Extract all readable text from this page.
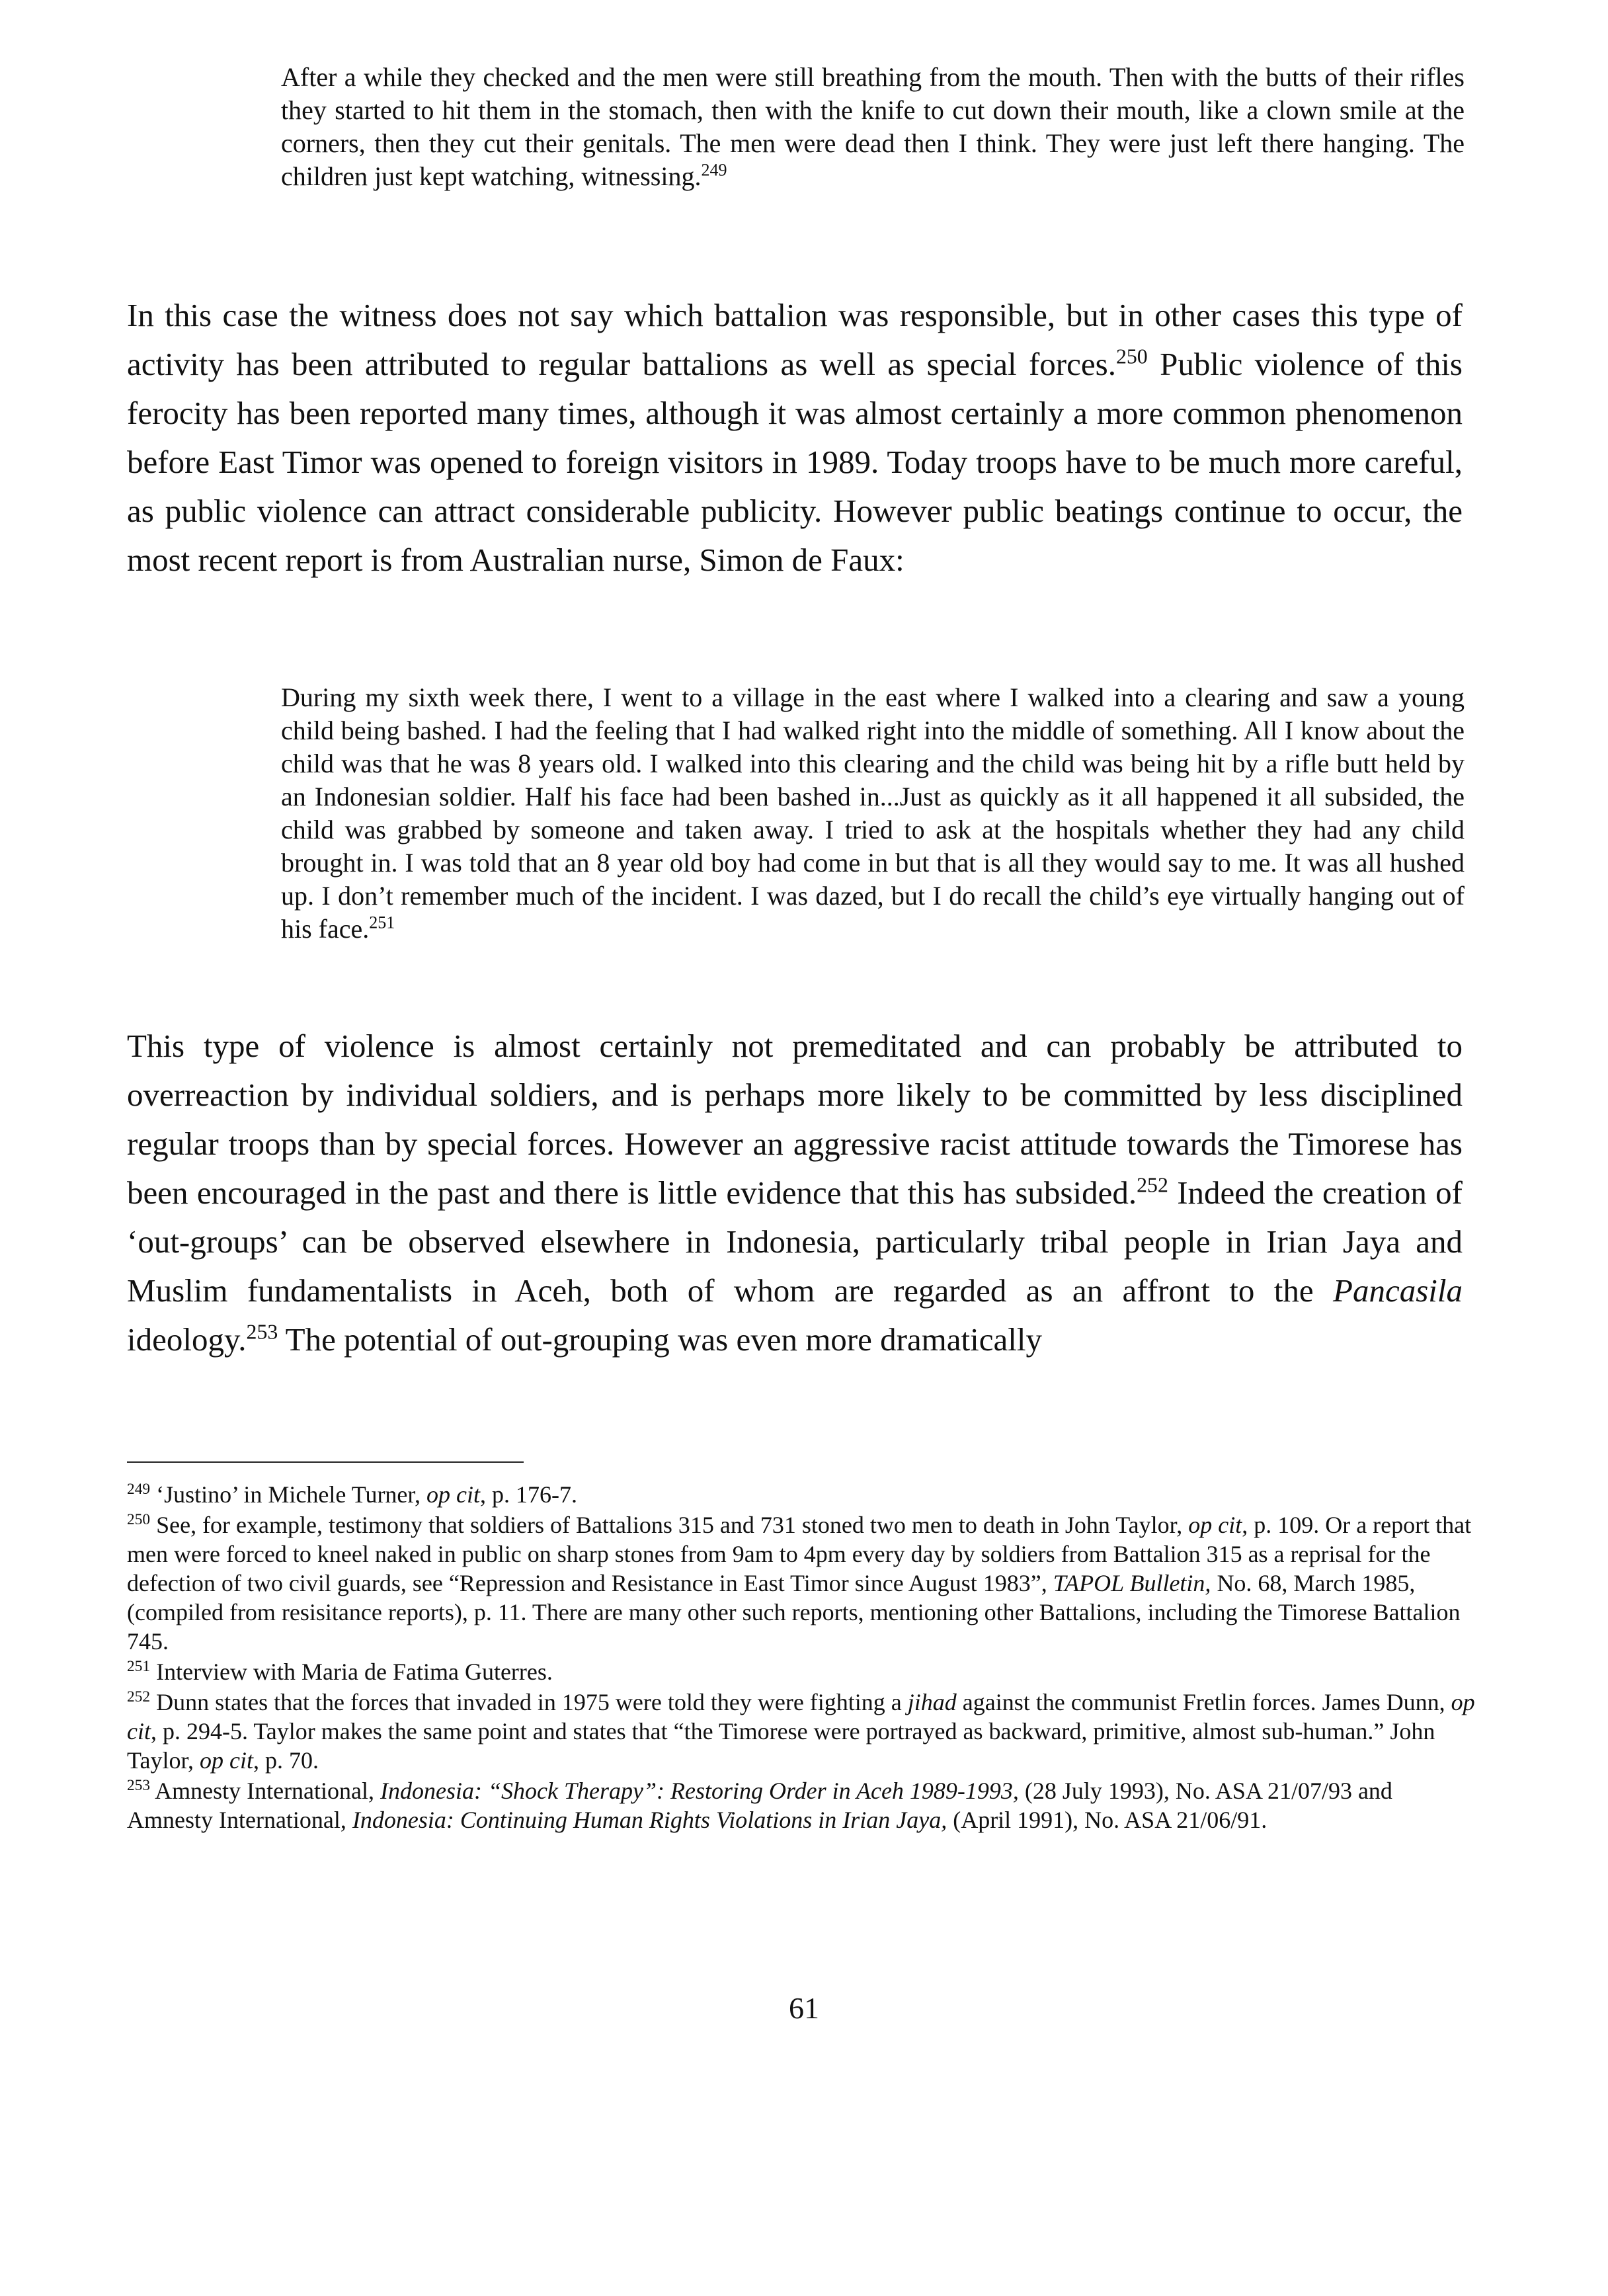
After a while they checked and the men were still breathing from the mouth. Then with the butts of their rifles they started to hit them in the stomach, then with the knife to cut down their mouth, like a clown smile at the corners, then they cut their genitals. The men were dead then I think. They were just left there hanging. The children just kept watching, witnessing.$^{249}$
In this case the witness does not say which battalion was responsible, but in other cases this type of activity has been attributed to regular battalions as well as special forces.$^{250}$ Public violence of this ferocity has been reported many times, although it was almost certainly a more common phenomenon before East Timor was opened to foreign visitors in 1989. Today troops have to be much more careful, as public violence can attract considerable publicity. However public beatings continue to occur, the most recent report is from Australian nurse, Simon de Faux:
During my sixth week there, I went to a village in the east where I walked into a clearing and saw a young child being bashed. I had the feeling that I had walked right into the middle of something. All I know about the child was that he was 8 years old. I walked into this clearing and the child was being hit by a rifle butt held by an Indonesian soldier. Half his face had been bashed in...Just as quickly as it all happened it all subsided, the child was grabbed by someone and taken away. I tried to ask at the hospitals whether they had any child brought in. I was told that an 8 year old boy had come in but that is all they would say to me. It was all hushed up. I don’t remember much of the incident. I was dazed, but I do recall the child’s eye virtually hanging out of his face.$^{251}$
This type of violence is almost certainly not premeditated and can probably be attributed to overreaction by individual soldiers, and is perhaps more likely to be committed by less disciplined regular troops than by special forces. However an aggressive racist attitude towards the Timorese has been encouraged in the past and there is little evidence that this has subsided.$^{252}$ Indeed the creation of ‘out-groups’ can be observed elsewhere in Indonesia, particularly tribal people in Irian Jaya and Muslim fundamentalists in Aceh, both of whom are regarded as an affront to the Pancasila ideology.$^{253}$ The potential of out-grouping was even more dramatically
$^{249}$ ‘Justino’ in Michele Turner, op cit, p. 176-7.
$^{250}$ See, for example, testimony that soldiers of Battalions 315 and 731 stoned two men to death in John Taylor, op cit, p. 109. Or a report that men were forced to kneel naked in public on sharp stones from 9am to 4pm every day by soldiers from Battalion 315 as a reprisal for the defection of two civil guards, see “Repression and Resistance in East Timor since August 1983”, TAPOL Bulletin, No. 68, March 1985, (compiled from resisitance reports), p. 11. There are many other such reports, mentioning other Battalions, including the Timorese Battalion 745.
$^{251}$ Interview with Maria de Fatima Guterres.
$^{252}$ Dunn states that the forces that invaded in 1975 were told they were fighting a jihad against the communist Fretlin forces. James Dunn, op cit, p. 294-5. Taylor makes the same point and states that “the Timorese were portrayed as backward, primitive, almost sub-human.” John Taylor, op cit, p. 70.
$^{253}$ Amnesty International, Indonesia: “Shock Therapy”: Restoring Order in Aceh 1989-1993, (28 July 1993), No. ASA 21/07/93 and Amnesty International, Indonesia: Continuing Human Rights Violations in Irian Jaya, (April 1991), No. ASA 21/06/91.
61
